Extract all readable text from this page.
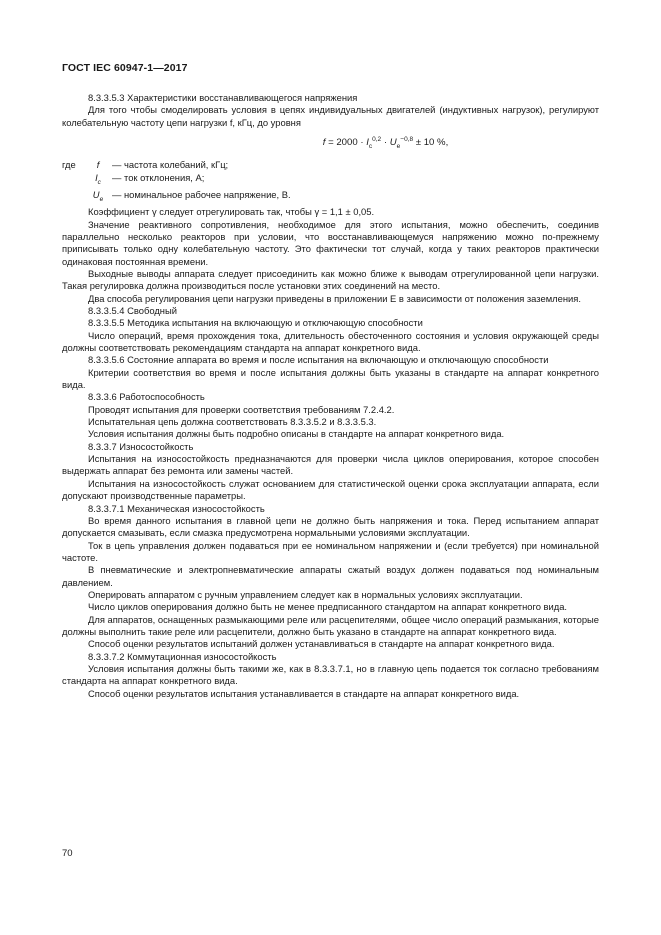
ГОСТ IEC 60947-1—2017

8.3.3.5.3 Характеристики восстанавливающегося напряжения

Для того чтобы смоделировать условия в цепях индивидуальных двигателей (индуктивных нагрузок), регулируют колебательную частоту цепи нагрузки f, кГц, до уровня

$f = 2000 \cdot I_c^{0,2} \cdot U_e^{-0,8} \pm 10$ %,
где	f	— частота колебаний, кГц;
$I_c$	— ток отклонения, А;
$U_e$ — номинальное рабочее напряжение, В.

Коэффициент γ следует отрегулировать так, чтобы γ = 1,1 ± 0,05.

Значение реактивного сопротивления, необходимое для этого испытания, можно обеспечить, соединив параллельно несколько реакторов при условии, что восстанавливающемуся напряжению можно по-прежнему приписывать только одну колебательную частоту. Это фактически тот случай, когда у таких реакторов практически одинаковая постоянная времени.

Выходные выводы аппарата следует присоединить как можно ближе к выводам отрегулированной цепи нагрузки. Такая регулировка должна производиться после установки этих соединений на место.

Два способа регулирования цепи нагрузки приведены в приложении Е в зависимости от положения заземления.

8.3.3.5.4 Свободный

8.3.3.5.5 Методика испытания на включающую и отключающую способности

Число операций, время прохождения тока, длительность обесточенного состояния и условия окружающей среды должны соответствовать рекомендациям стандарта на аппарат конкретного вида.

8.3.3.5.6 Состояние аппарата во время и после испытания на включающую и отключающую способности

Критерии соответствия во время и после испытания должны быть указаны в стандарте на аппарат конкретного вида.

8.3.3.6 Работоспособность

Проводят испытания для проверки соответствия требованиям 7.2.4.2.

Испытательная цепь должна соответствовать 8.3.3.5.2 и 8.3.3.5.3.

Условия испытания должны быть подробно описаны в стандарте на аппарат конкретного вида.

8.3.3.7 Износостойкость

Испытания на износостойкость предназначаются для проверки числа циклов оперирования, которое способен выдержать аппарат без ремонта или замены частей.

Испытания на износостойкость служат основанием для статистической оценки срока эксплуатации аппарата, если допускают производственные параметры.

8.3.3.7.1 Механическая износостойкость

Во время данного испытания в главной цепи не должно быть напряжения и тока. Перед испытанием аппарат допускается смазывать, если смазка предусмотрена нормальными условиями эксплуатации.

Ток в цепь управления должен подаваться при ее номинальном напряжении и (если требуется) при номинальной частоте.

В пневматические и электропневматические аппараты сжатый воздух должен подаваться под номинальным давлением.

Оперировать аппаратом с ручным управлением следует как в нормальных условиях эксплуатации.

Число циклов оперирования должно быть не менее предписанного стандартом на аппарат конкретного вида.

Для аппаратов, оснащенных размыкающими реле или расцепителями, общее число операций размыкания, которые должны выполнить такие реле или расцепители, должно быть указано в стандарте на аппарат конкретного вида.

Способ оценки результатов испытаний должен устанавливаться в стандарте на аппарат конкретного вида.

8.3.3.7.2 Коммутационная износостойкость

Условия испытания должны быть такими же, как в 8.3.3.7.1, но в главную цепь подается ток согласно требованиям стандарта на аппарат конкретного вида.

Способ оценки результатов испытания устанавливается в стандарте на аппарат конкретного вида.

70
